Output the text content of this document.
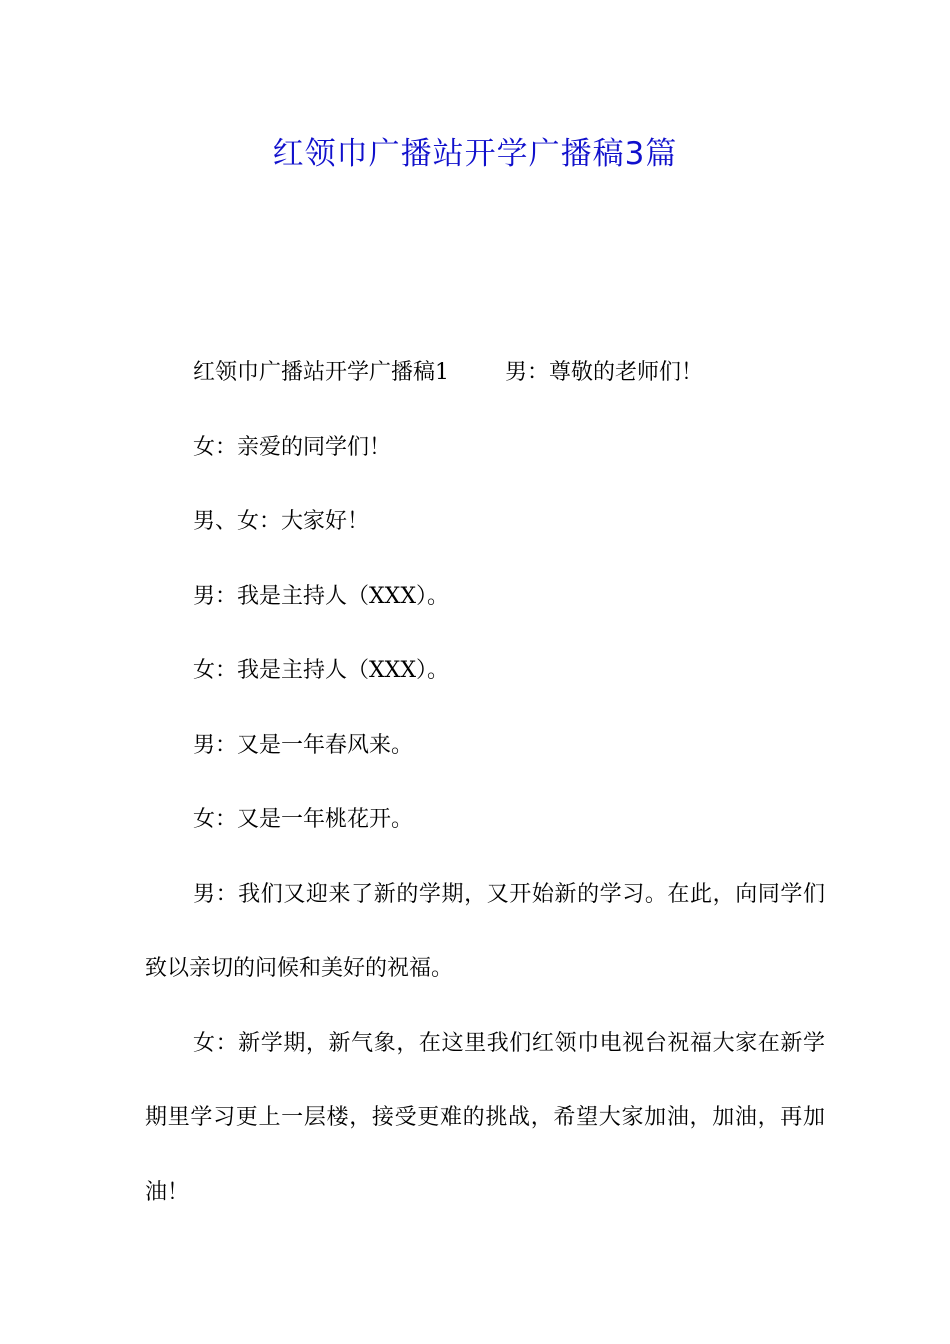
红领巾广播站开学广播稿3篇

红领巾广播站开学广播稿1	男：尊敬的老师们！

女：亲爱的同学们！

男、女：大家好！

男：我是主持人（XXX）。

女：我是主持人（XXX）。

男：又是一年春风来。

女：又是一年桃花开。

男：我们又迎来了新的学期，又开始新的学习。在此，向同学们致以亲切的问候和美好的祝福。

女：新学期，新气象，在这里我们红领巾电视台祝福大家在新学期里学习更上一层楼，接受更难的挑战，希望大家加油，加油，再加油！
